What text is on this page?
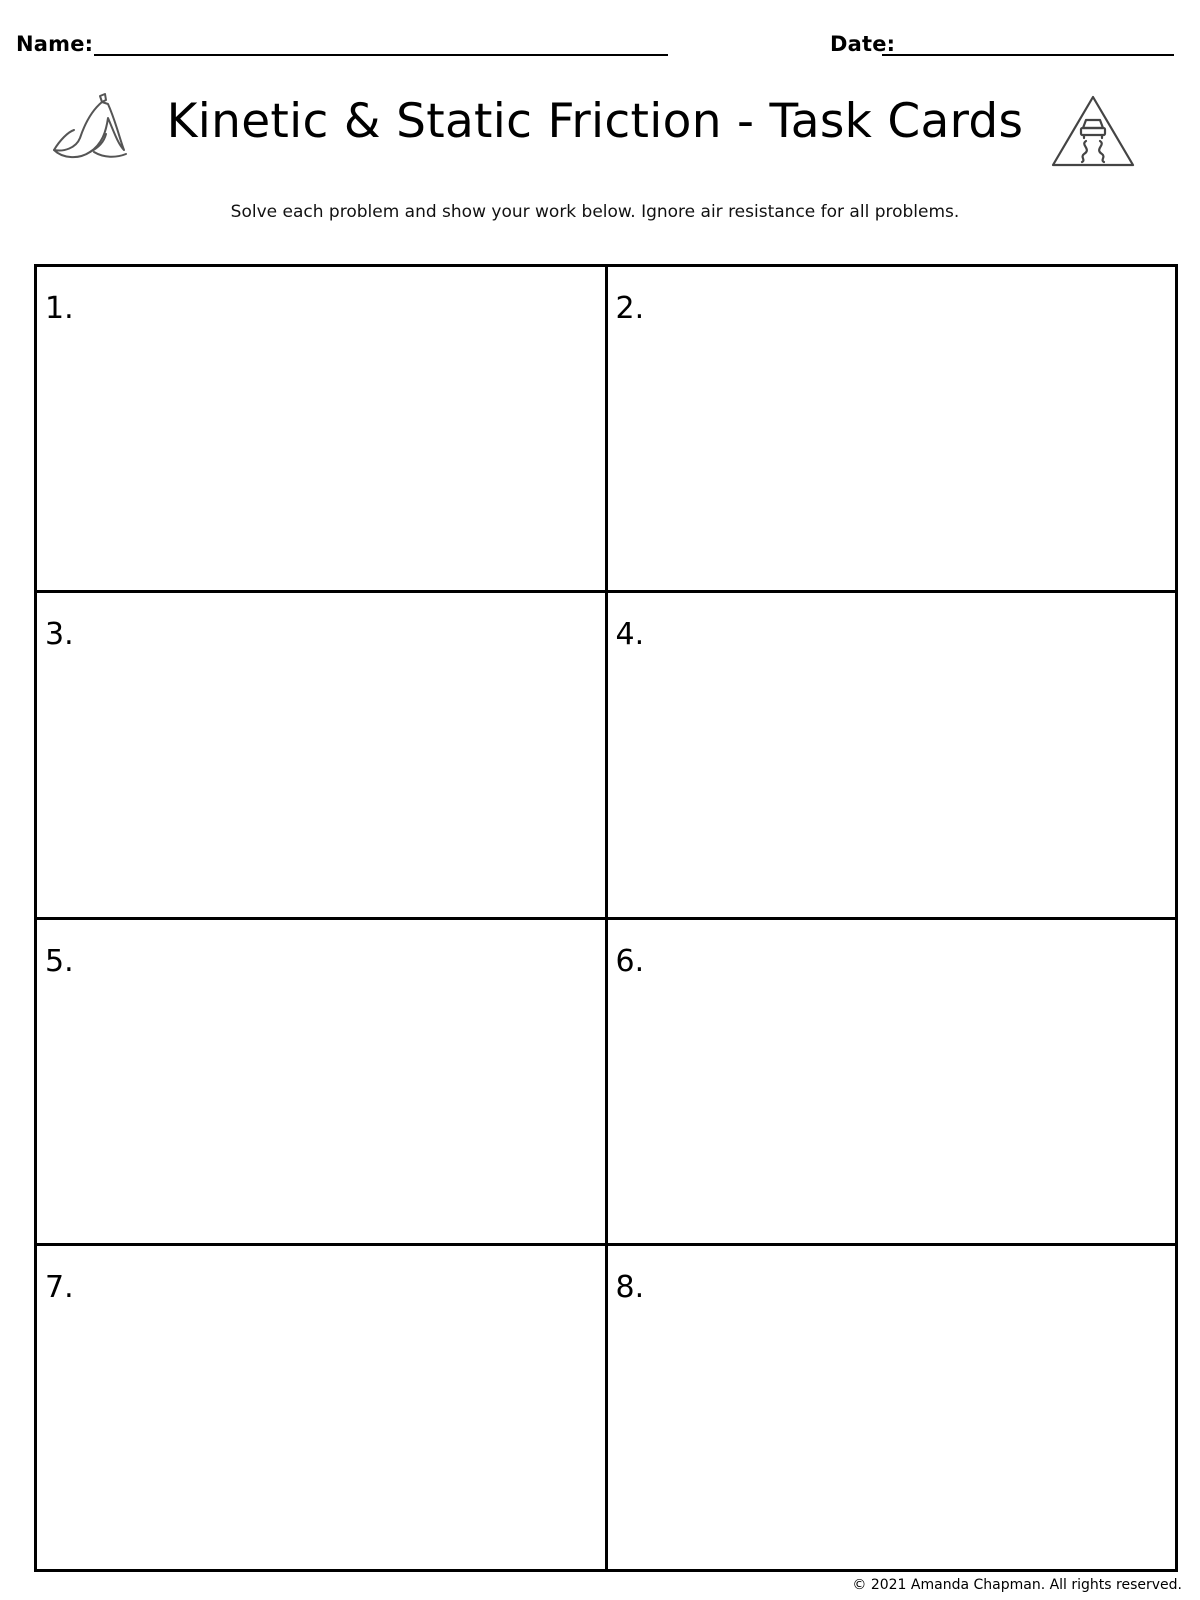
Name:	Date:
Kinetic & Static Friction - Task Cards
Solve each problem and show your work below. Ignore air resistance for all problems.
1.	2.
3.	4.
5.	6.
7.	8.
© 2021 Amanda Chapman. All rights reserved.
